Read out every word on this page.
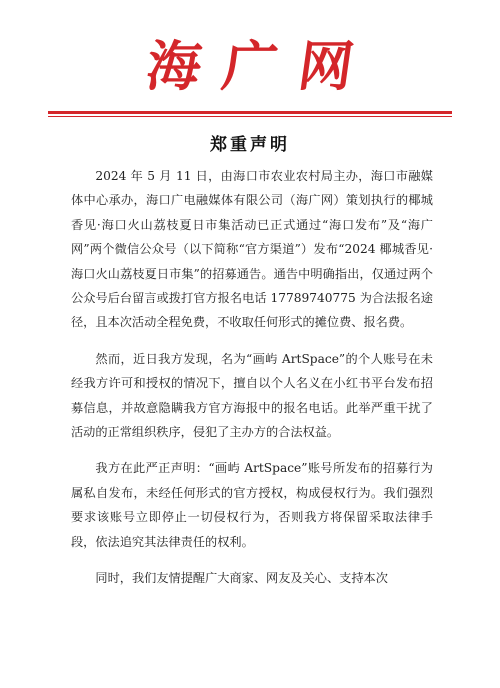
海广网
郑重声明

2024 年 5 月 11 日，由海口市农业农村局主办，海口市融媒体中心承办，海口广电融媒体有限公司（海广网）策划执行的椰城香见·海口火山荔枝夏日市集活动已正式通过“海口发布”及“海广网”两个微信公众号（以下简称“官方渠道”）发布“2024 椰城香见·海口火山荔枝夏日市集”的招募通告。通告中明确指出，仅通过两个公众号后台留言或拨打官方报名电话 17789740775 为合法报名途径，且本次活动全程免费，不收取任何形式的摊位费、报名费。

然而，近日我方发现，名为“画屿 ArtSpace”的个人账号在未经我方许可和授权的情况下，擅自以个人名义在小红书平台发布招募信息，并故意隐瞒我方官方海报中的报名电话。此举严重干扰了活动的正常组织秩序，侵犯了主办方的合法权益。

我方在此严正声明：“画屿 ArtSpace”账号所发布的招募行为属私自发布，未经任何形式的官方授权，构成侵权行为。我们强烈要求该账号立即停止一切侵权行为，否则我方将保留采取法律手段，依法追究其法律责任的权利。

同时，我们友情提醒广大商家、网友及关心、支持本次
